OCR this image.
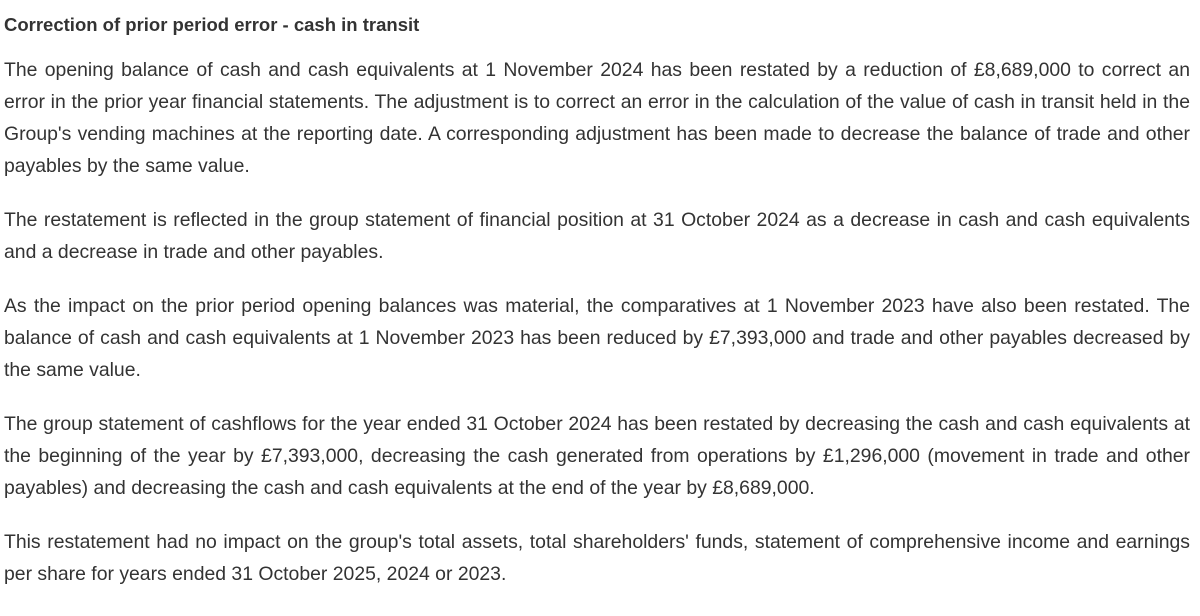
Correction of prior period error - cash in transit

The opening balance of cash and cash equivalents at 1 November 2024 has been restated by a reduction of £8,689,000 to correct an error in the prior year financial statements. The adjustment is to correct an error in the calculation of the value of cash in transit held in the Group's vending machines at the reporting date. A corresponding adjustment has been made to decrease the balance of trade and other payables by the same value.

The restatement is reflected in the group statement of financial position at 31 October 2024 as a decrease in cash and cash equivalents and a decrease in trade and other payables.

As the impact on the prior period opening balances was material, the comparatives at 1 November 2023 have also been restated. The balance of cash and cash equivalents at 1 November 2023 has been reduced by £7,393,000 and trade and other payables decreased by the same value.

The group statement of cashflows for the year ended 31 October 2024 has been restated by decreasing the cash and cash equivalents at the beginning of the year by £7,393,000, decreasing the cash generated from operations by £1,296,000 (movement in trade and other payables) and decreasing the cash and cash equivalents at the end of the year by £8,689,000.

This restatement had no impact on the group's total assets, total shareholders' funds, statement of comprehensive income and earnings per share for years ended 31 October 2025, 2024 or 2023.
